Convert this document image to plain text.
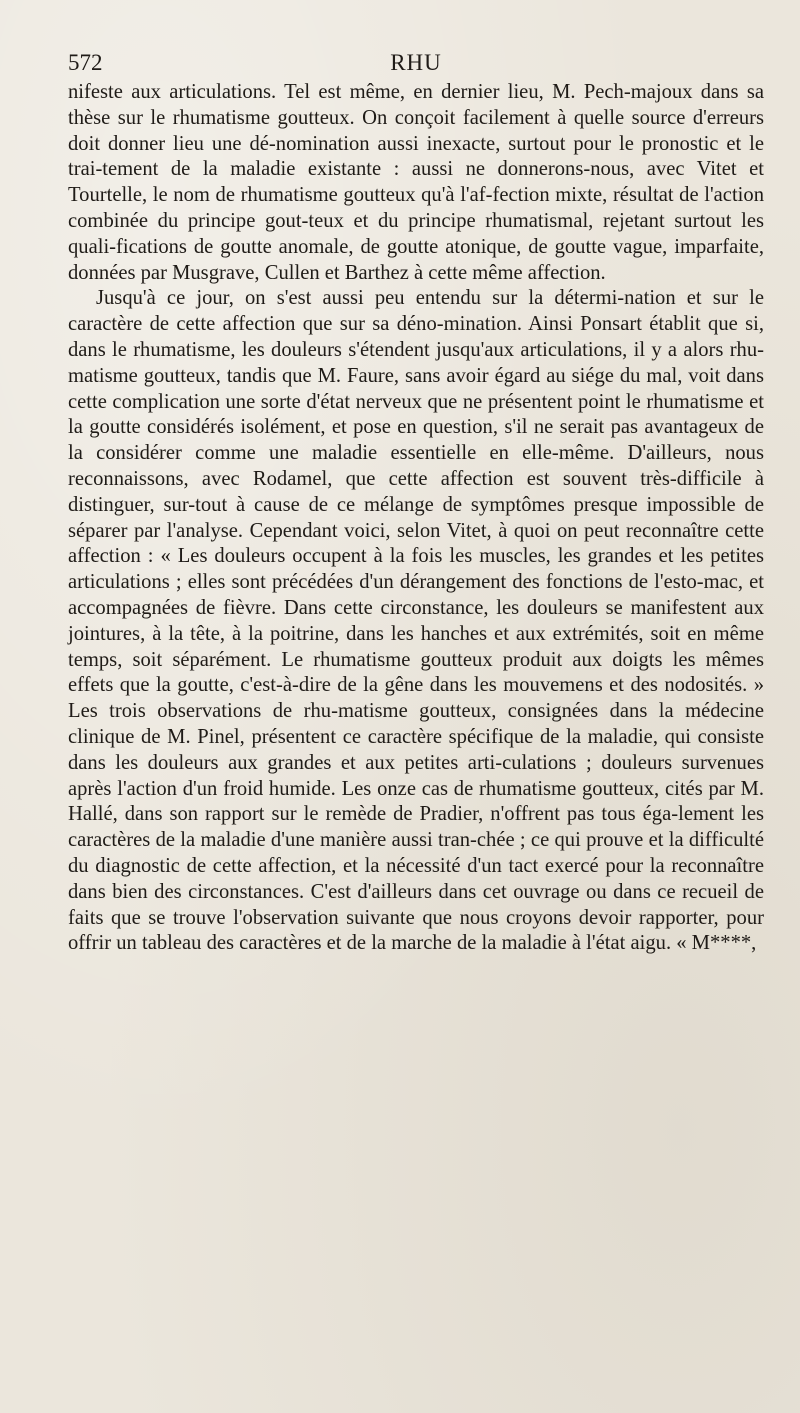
572	RHU

nifeste aux articulations. Tel est même, en dernier lieu, M. Pech-majoux dans sa thèse sur le rhumatisme goutteux. On conçoit facilement à quelle source d'erreurs doit donner lieu une dé-nomination aussi inexacte, surtout pour le pronostic et le trai-tement de la maladie existante : aussi ne donnerons-nous, avec Vitet et Tourtelle, le nom de rhumatisme goutteux qu'à l'af-fection mixte, résultat de l'action combinée du principe gout-teux et du principe rhumatismal, rejetant surtout les quali-fications de goutte anomale, de goutte atonique, de goutte vague, imparfaite, données par Musgrave, Cullen et Barthez à cette même affection.

Jusqu'à ce jour, on s'est aussi peu entendu sur la détermi-nation et sur le caractère de cette affection que sur sa déno-mination. Ainsi Ponsart établit que si, dans le rhumatisme, les douleurs s'étendent jusqu'aux articulations, il y a alors rhu-matisme goutteux, tandis que M. Faure, sans avoir égard au siége du mal, voit dans cette complication une sorte d'état nerveux que ne présentent point le rhumatisme et la goutte considérés isolément, et pose en question, s'il ne serait pas avantageux de la considérer comme une maladie essentielle en elle-même. D'ailleurs, nous reconnaissons, avec Rodamel, que cette affection est souvent très-difficile à distinguer, sur-tout à cause de ce mélange de symptômes presque impossible de séparer par l'analyse. Cependant voici, selon Vitet, à quoi on peut reconnaître cette affection : « Les douleurs occupent à la fois les muscles, les grandes et les petites articulations ; elles sont précédées d'un dérangement des fonctions de l'esto-mac, et accompagnées de fièvre. Dans cette circonstance, les douleurs se manifestent aux jointures, à la tête, à la poitrine, dans les hanches et aux extrémités, soit en même temps, soit séparément. Le rhumatisme goutteux produit aux doigts les mêmes effets que la goutte, c'est-à-dire de la gêne dans les mouvemens et des nodosités. » Les trois observations de rhu-matisme goutteux, consignées dans la médecine clinique de M. Pinel, présentent ce caractère spécifique de la maladie, qui consiste dans les douleurs aux grandes et aux petites arti-culations ; douleurs survenues après l'action d'un froid humide. Les onze cas de rhumatisme goutteux, cités par M. Hallé, dans son rapport sur le remède de Pradier, n'offrent pas tous éga-lement les caractères de la maladie d'une manière aussi tran-chée ; ce qui prouve et la difficulté du diagnostic de cette affection, et la nécessité d'un tact exercé pour la reconnaître dans bien des circonstances. C'est d'ailleurs dans cet ouvrage ou dans ce recueil de faits que se trouve l'observation suivante que nous croyons devoir rapporter, pour offrir un tableau des caractères et de la marche de la maladie à l'état aigu. « M****,
